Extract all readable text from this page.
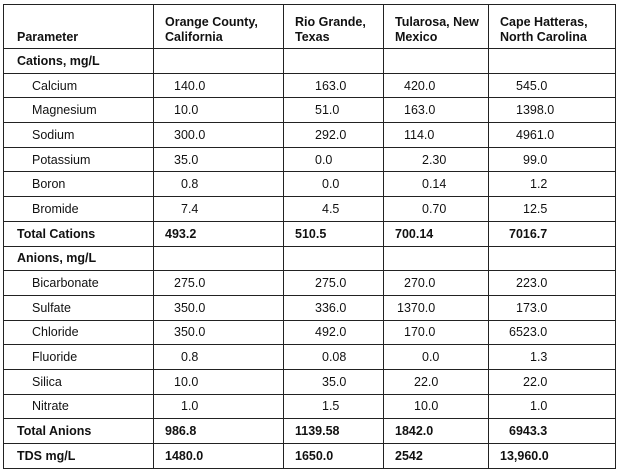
Parameter	Orange County, California	Rio Grande, Texas	Tularosa, New Mexico	Cape Hatteras, North Carolina
Cations, mg/L				
Calcium	140.0	163.0	420.0	545.0
Magnesium	10.0	51.0	163.0	1398.0
Sodium	300.0	292.0	114.0	4961.0
Potassium	35.0	0.0	2.30	99.0
Boron	0.8	0.0	0.14	1.2
Bromide	7.4	4.5	0.70	12.5
Total Cations	493.2	510.5	700.14	7016.7
Anions, mg/L				
Bicarbonate	275.0	275.0	270.0	223.0
Sulfate	350.0	336.0	1370.0	173.0
Chloride	350.0	492.0	170.0	6523.0
Fluoride	0.8	0.08	0.0	1.3
Silica	10.0	35.0	22.0	22.0
Nitrate	1.0	1.5	10.0	1.0
Total Anions	986.8	1139.58	1842.0	6943.3
TDS mg/L	1480.0	1650.0	2542	13,960.0
